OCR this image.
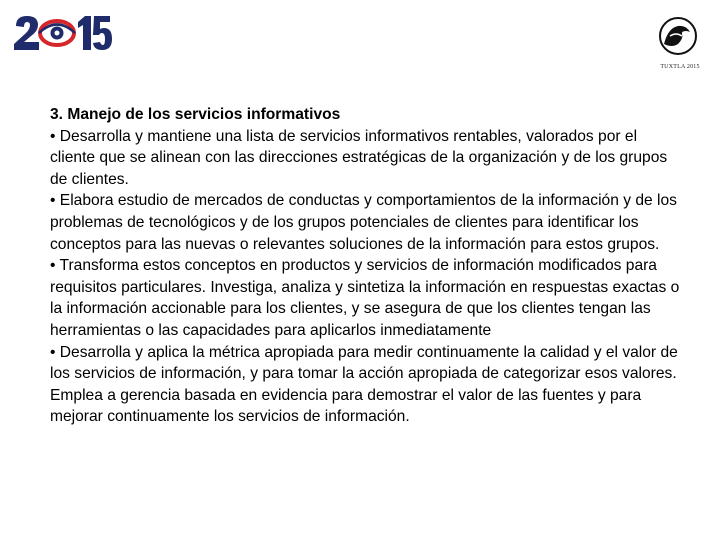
TUXTLA 2015

3. Manejo de los servicios informativos

• Desarrolla y mantiene una lista de servicios informativos rentables, valorados por el cliente que se alinean con las direcciones estratégicas de la organización y de los grupos de clientes.

• Elabora estudio de mercados de conductas y comportamientos de la información y de los problemas de tecnológicos y de los grupos potenciales de clientes para identificar los conceptos para las nuevas o relevantes soluciones de la información para estos grupos.

• Transforma estos conceptos en productos y servicios de información modificados para requisitos particulares. Investiga, analiza y sintetiza la información en respuestas exactas o la información accionable para los clientes, y se asegura de que los clientes tengan las herramientas o las capacidades para aplicarlos inmediatamente

• Desarrolla y aplica la métrica apropiada para medir continuamente la calidad y el valor de los servicios de información, y para tomar la acción apropiada de categorizar esos valores.

Emplea a gerencia basada en evidencia para demostrar el valor de las fuentes y para mejorar continuamente los servicios de información.
